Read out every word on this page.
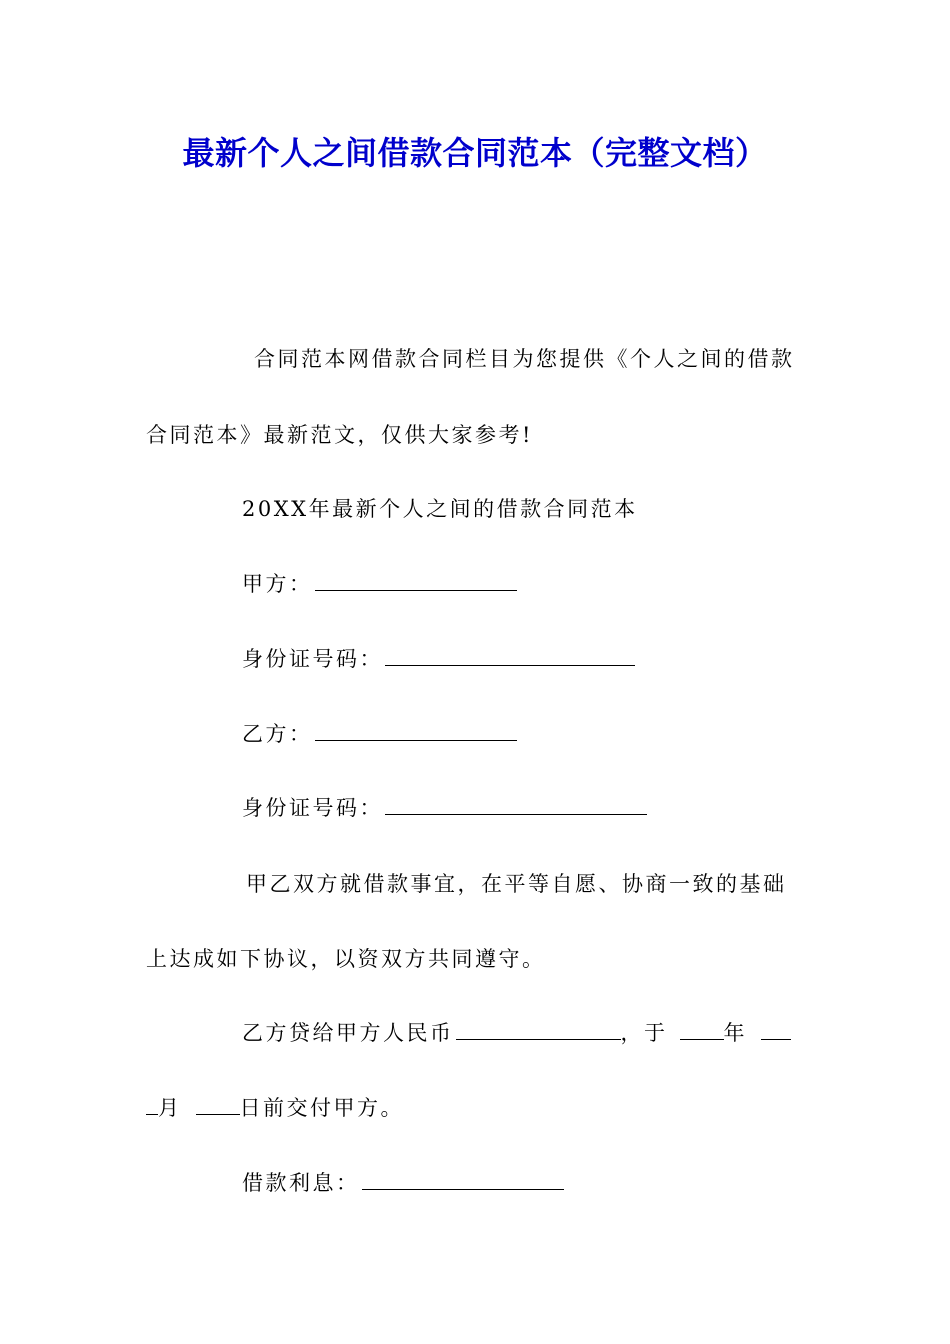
最新个人之间借款合同范本（完整文档）
合同范本网借款合同栏目为您提供《个人之间的借款
合同范本》最新范文，仅供大家参考!
20XX年最新个人之间的借款合同范本
甲方：
身份证号码：
乙方：
身份证号码：
甲乙双方就借款事宜，在平等自愿、协商一致的基础
上达成如下协议，以资双方共同遵守。
乙方贷给甲方人民币	，于	年
月	日前交付甲方。
借款利息：
